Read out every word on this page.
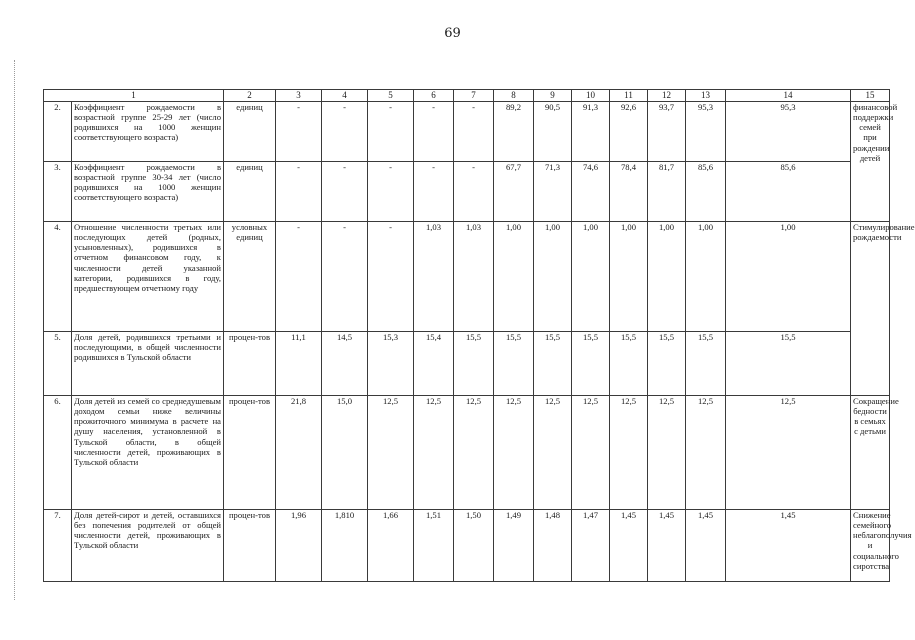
69
1		2	3	4	5	6	7	8	9	10	11	12	13	14	15
2.	Коэффициент рождаемости в возрастной группе 25-29 лет (число родившихся на 1000 женщин соответствующего возраста)	единиц	-	-	-	-	-	89,2	90,5	91,3	92,6	93,7	95,3	95,3	финансовой поддержки семей при рождении детей
3.	Коэффициент рождаемости в возрастной группе 30-34 лет (число родившихся на 1000 женщин соответствующего возраста)	единиц	-	-	-	-	-	67,7	71,3	74,6	78,4	81,7	85,6	85,6	
4.	Отношение численности третьих или последующих детей (родных, усыновленных), родившихся в отчетном финансовом году, к численности детей указанной категории, родившихся в году, предшествующем отчетному году	условных единиц	-	-	-	1,03	1,03	1,00	1,00	1,00	1,00	1,00	1,00	1,00	Стимулирование рождаемости
5.	Доля детей, родившихся третьими и последующими, в общей численности родившихся в Тульской области	процен-тов	11,1	14,5	15,3	15,4	15,5	15,5	15,5	15,5	15,5	15,5	15,5	15,5	
6.	Доля детей из семей со среднедушевым доходом семьи ниже величины прожиточного минимума в расчете на душу населения, установленной в Тульской области, в общей численности детей, проживающих в Тульской области	процен-тов	21,8	15,0	12,5	12,5	12,5	12,5	12,5	12,5	12,5	12,5	12,5	12,5	Сокращение бедности в семьях с детьми
7.	Доля детей-сирот и детей, оставшихся без попечения родителей от общей численности детей, проживающих в Тульской области	процен-тов	1,96	1,810	1,66	1,51	1,50	1,49	1,48	1,47	1,45	1,45	1,45	1,45	Снижение семейного неблагополучия и социального сиротства
